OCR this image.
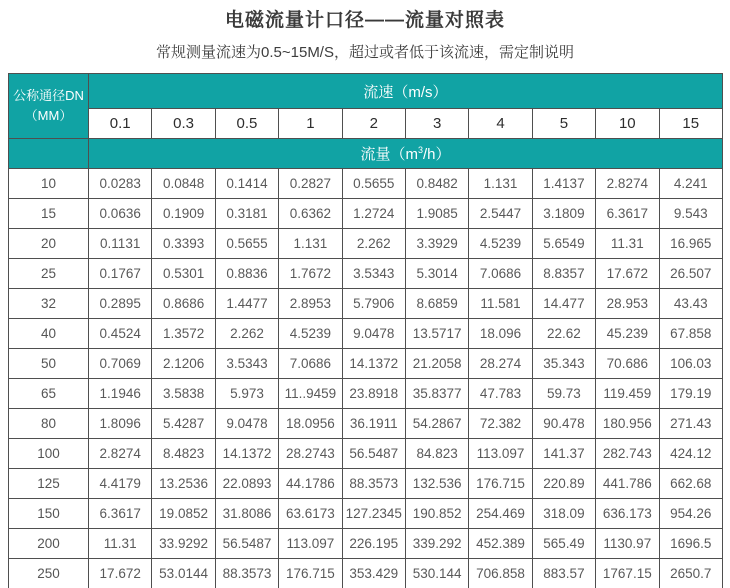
电磁流量计口径——流量对照表
常规测量流速为0.5~15M/S，超过或者低于该流速，需定制说明
公称通径DN
（MM）	流速（m/s）									
	0.1	0.3	0.5	1	2	3	4	5	10	15
	流量$(m^3/h)$									
10	0.0283	0.0848	0.1414	0.2827	0.5655	0.8482	1.131	1.4137	2.8274	4.241
15	0.0636	0.1909	0.3181	0.6362	1.2724	1.9085	2.5447	3.1809	6.3617	9.543
20	0.1131	0.3393	0.5655	1.131	2.262	3.3929	4.5239	5.6549	11.31	16.965
25	0.1767	0.5301	0.8836	1.7672	3.5343	5.3014	7.0686	8.8357	17.672	26.507
32	0.2895	0.8686	1.4477	2.8953	5.7906	8.6859	11.581	14.477	28.953	43.43
40	0.4524	1.3572	2.262	4.5239	9.0478	13.5717	18.096	22.62	45.239	67.858
50	0.7069	2.1206	3.5343	7.0686	14.1372	21.2058	28.274	35.343	70.686	106.03
65	1.1946	3.5838	5.973	11..9459	23.8918	35.8377	47.783	59.73	119.459	179.19
80	1.8096	5.4287	9.0478	18.0956	36.1911	54.2867	72.382	90.478	180.956	271.43
100	2.8274	8.4823	14.1372	28.2743	56.5487	84.823	113.097	141.37	282.743	424.12
125	4.4179	13.2536	22.0893	44.1786	88.3573	132.536	176.715	220.89	441.786	662.68
150	6.3617	19.0852	31.8086	63.6173	127.2345	190.852	254.469	318.09	636.173	954.26
200	11.31	33.9292	56.5487	113.097	226.195	339.292	452.389	565.49	1130.97	1696.5
250	17.672	53.0144	88.3573	176.715	353.429	530.144	706.858	883.57	1767.15	2650.7
